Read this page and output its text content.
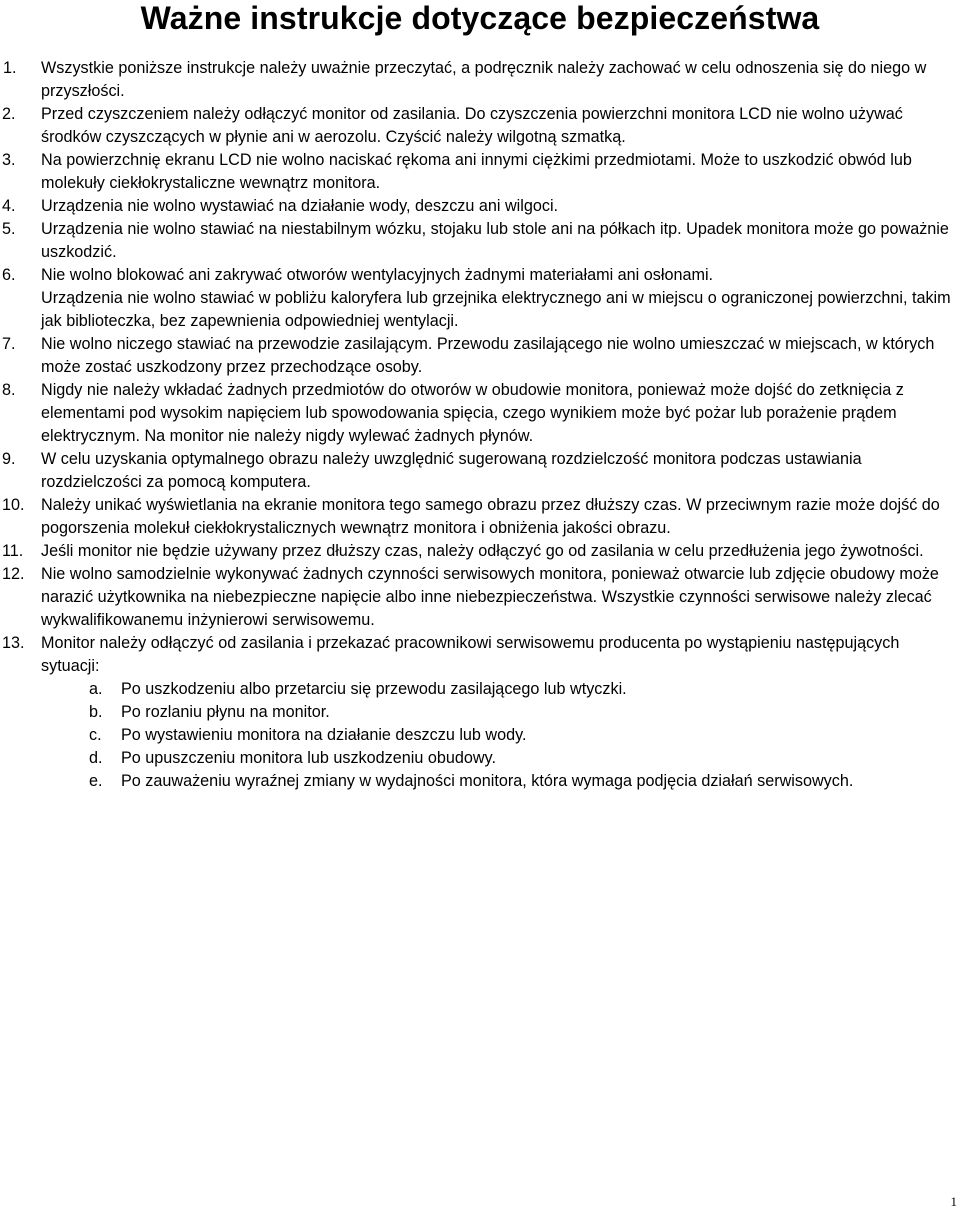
Ważne instrukcje dotyczące bezpieczeństwa
1.	Wszystkie poniższe instrukcje należy uważnie przeczytać, a podręcznik należy zachować w celu odnoszenia się do niego w przyszłości.

2.	Przed czyszczeniem należy odłączyć monitor od zasilania. Do czyszczenia powierzchni monitora LCD nie wolno używać środków czyszczących w płynie ani w aerozolu. Czyścić należy wilgotną szmatką.

3.	Na powierzchnię ekranu LCD nie wolno naciskać rękoma ani innymi ciężkimi przedmiotami. Może to uszkodzić obwód lub molekuły ciekłokrystaliczne wewnątrz monitora.

4.	Urządzenia nie wolno wystawiać na działanie wody, deszczu ani wilgoci.

5.	Urządzenia nie wolno stawiać na niestabilnym wózku, stojaku lub stole ani na półkach itp. Upadek monitora może go poważnie uszkodzić.

6.	Nie wolno blokować ani zakrywać otworów wentylacyjnych żadnymi materiałami ani osłonami.

Urządzenia nie wolno stawiać w pobliżu kaloryfera lub grzejnika elektrycznego ani w miejscu o ograniczonej powierzchni, takim jak biblioteczka, bez zapewnienia odpowiedniej wentylacji.

7.	Nie wolno niczego stawiać na przewodzie zasilającym. Przewodu zasilającego nie wolno umieszczać w miejscach, w których może zostać uszkodzony przez przechodzące osoby.

8.	Nigdy nie należy wkładać żadnych przedmiotów do otworów w obudowie monitora, ponieważ może dojść do zetknięcia z elementami pod wysokim napięciem lub spowodowania spięcia, czego wynikiem może być pożar lub porażenie prądem elektrycznym. Na monitor nie należy nigdy wylewać żadnych płynów.

9.	W celu uzyskania optymalnego obrazu należy uwzględnić sugerowaną rozdzielczość monitora podczas ustawiania rozdzielczości za pomocą komputera.

10.	Należy unikać wyświetlania na ekranie monitora tego samego obrazu przez dłuższy czas. W przeciwnym razie może dojść do pogorszenia molekuł ciekłokrystalicznych wewnątrz monitora i obniżenia jakości obrazu.

11.	Jeśli monitor nie będzie używany przez dłuższy czas, należy odłączyć go od zasilania w celu przedłużenia jego żywotności.

12.	Nie wolno samodzielnie wykonywać żadnych czynności serwisowych monitora, ponieważ otwarcie lub zdjęcie obudowy może narazić użytkownika na niebezpieczne napięcie albo inne niebezpieczeństwa. Wszystkie czynności serwisowe należy zlecać wykwalifikowanemu inżynierowi serwisowemu.

13.	Monitor należy odłączyć od zasilania i przekazać pracownikowi serwisowemu producenta po wystąpieniu następujących sytuacji:

a.	Po uszkodzeniu albo przetarciu się przewodu zasilającego lub wtyczki.
b.	Po rozlaniu płynu na monitor.
c.	Po wystawieniu monitora na działanie deszczu lub wody.
d.	Po upuszczeniu monitora lub uszkodzeniu obudowy.
e.	Po zauważeniu wyraźnej zmiany w wydajności monitora, która wymaga podjęcia działań serwisowych.
1
